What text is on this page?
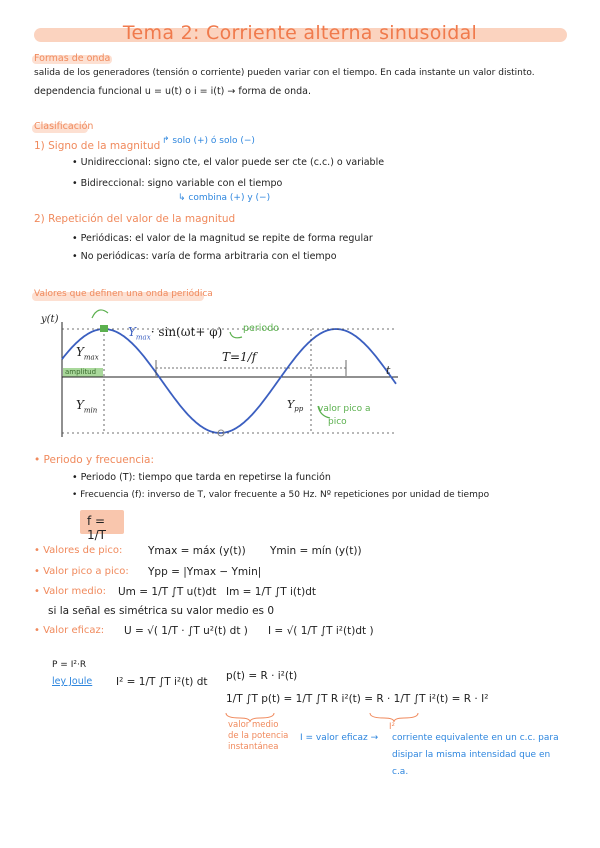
Tema 2: Corriente alterna sinusoidal
Formas de onda
salida de los generadores (tensión o corriente) pueden variar con el tiempo. En cada instante un valor distinto.
dependencia funcional u = u(t) o i = i(t) → forma de onda.
Clasificación
1) Signo de la magnitud ↱ solo (+) ó solo (−)
• Unidireccional: signo cte, el valor puede ser cte (c.c.) o variable
• Bidireccional: signo variable con el tiempo
↳ combina (+) y (−)
2) Repetición del valor de la magnitud
• Periódicas: el valor de la magnitud se repite de forma regular
• No periódicas: varía de forma arbitraria con el tiempo
Valores que definen una onda periódica
y(t)
$Y_{max}$
amplitud
$Y_{min}$
$Y_{max}\cdot \sin(\omega t+ \varphi)$ periodo
T=1/f
t
$Y_{pp}$ valor pico a
pico
• Periodo y frecuencia:
• Periodo (T): tiempo que tarda en repetirse la función
• Frecuencia (f): inverso de T, valor frecuente a 50 Hz. Nº repeticiones por unidad de tiempo
f = 1/T
• Valores de pico: Ymax = máx (y(t)) Ymin = mín (y(t))
• Valor pico a pico: Ypp = |Ymax − Ymin|
• Valor medio: Um = 1/T ∫T u(t)dt Im = 1/T ∫T i(t)dt
si la señal es simétrica su valor medio es 0
• Valor eficaz: U = √( 1/T · ∫T u²(t) dt ) I = √( 1/T ∫T i²(t)dt )
P = I²·R
ley Joule I² = 1/T ∫T i²(t) dt p(t) = R · i²(t)
1/T ∫T p(t) = 1/T ∫T R i²(t) = R · 1/T ∫T i²(t) = R · I²
valor medio
de la potencia
instantánea
I²
I = valor eficaz → corriente equivalente en un c.c. para
disipar la misma intensidad que en
c.a.
